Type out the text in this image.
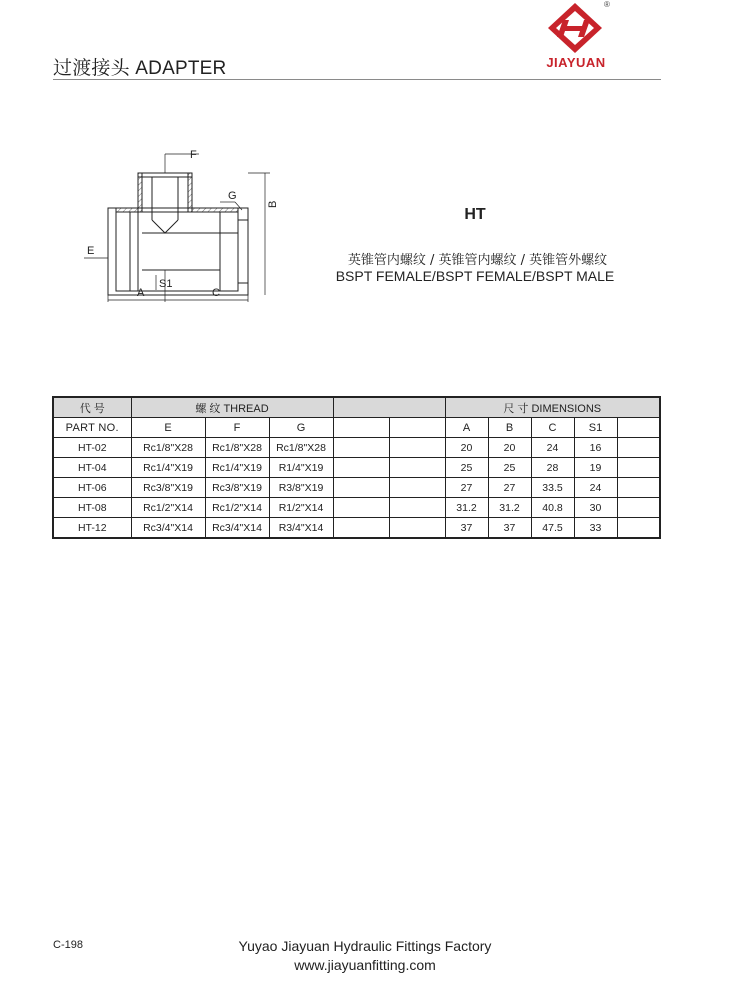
过渡接头 ADAPTER
®
JIAYUAN
F
G
B
E
S1
A	C
HT
英锥管内螺纹 / 英锥管内螺纹 / 英锥管外螺纹
BSPT FEMALE/BSPT FEMALE/BSPT MALE
代 号	螺 纹 THREAD					尺 寸 DIMENSIONS				
PART NO.	E	F	G			A	B	C	S1	
HT-02	Rc1/8"X28	Rc1/8"X28	Rc1/8"X28			20	20	24	16	
HT-04	Rc1/4"X19	Rc1/4"X19	R1/4"X19			25	25	28	19	
HT-06	Rc3/8"X19	Rc3/8"X19	R3/8"X19			27	27	33.5	24	
HT-08	Rc1/2"X14	Rc1/2"X14	R1/2"X14			31.2	31.2	40.8	30	
HT-12	Rc3/4"X14	Rc3/4"X14	R3/4"X14			37	37	47.5	33	
C-198	Yuyao Jiayuan Hydraulic Fittings Factory
www.jiayuanfitting.com
